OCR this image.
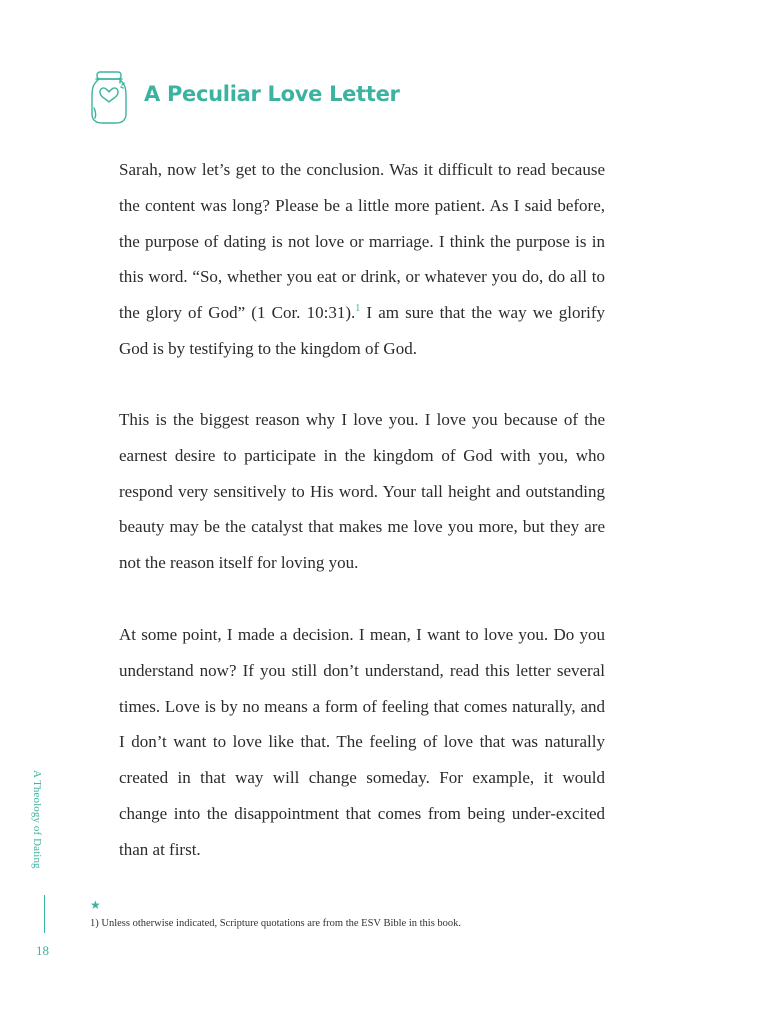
A Peculiar Love Letter

Sarah, now let’s get to the conclusion. Was it difficult to read because the content was long? Please be a little more patient. As I said before, the purpose of dating is not love or marriage. I think the purpose is in this word. “So, whether you eat or drink, or whatever you do, do all to the glory of God” (1 Cor. 10:31).$^1$ I am sure that the way we glorify God is by testifying to the kingdom of God.

This is the biggest reason why I love you. I love you because of the earnest desire to participate in the kingdom of God with you, who respond very sensitively to His word. Your tall height and outstanding beauty may be the catalyst that makes me love you more, but they are not the reason itself for loving you.

At some point, I made a decision. I mean, I want to love you. Do you understand now? If you still don’t understand, read this letter several times. Love is by no means a form of feeling that comes naturally, and I don’t want to love like that. The feeling of love that was naturally created in that way will change someday. For example, it would change into the disappointment that comes from being under-excited than at first.

A Theology of Dating
18
★
1) Unless otherwise indicated, Scripture quotations are from the ESV Bible in this book.
